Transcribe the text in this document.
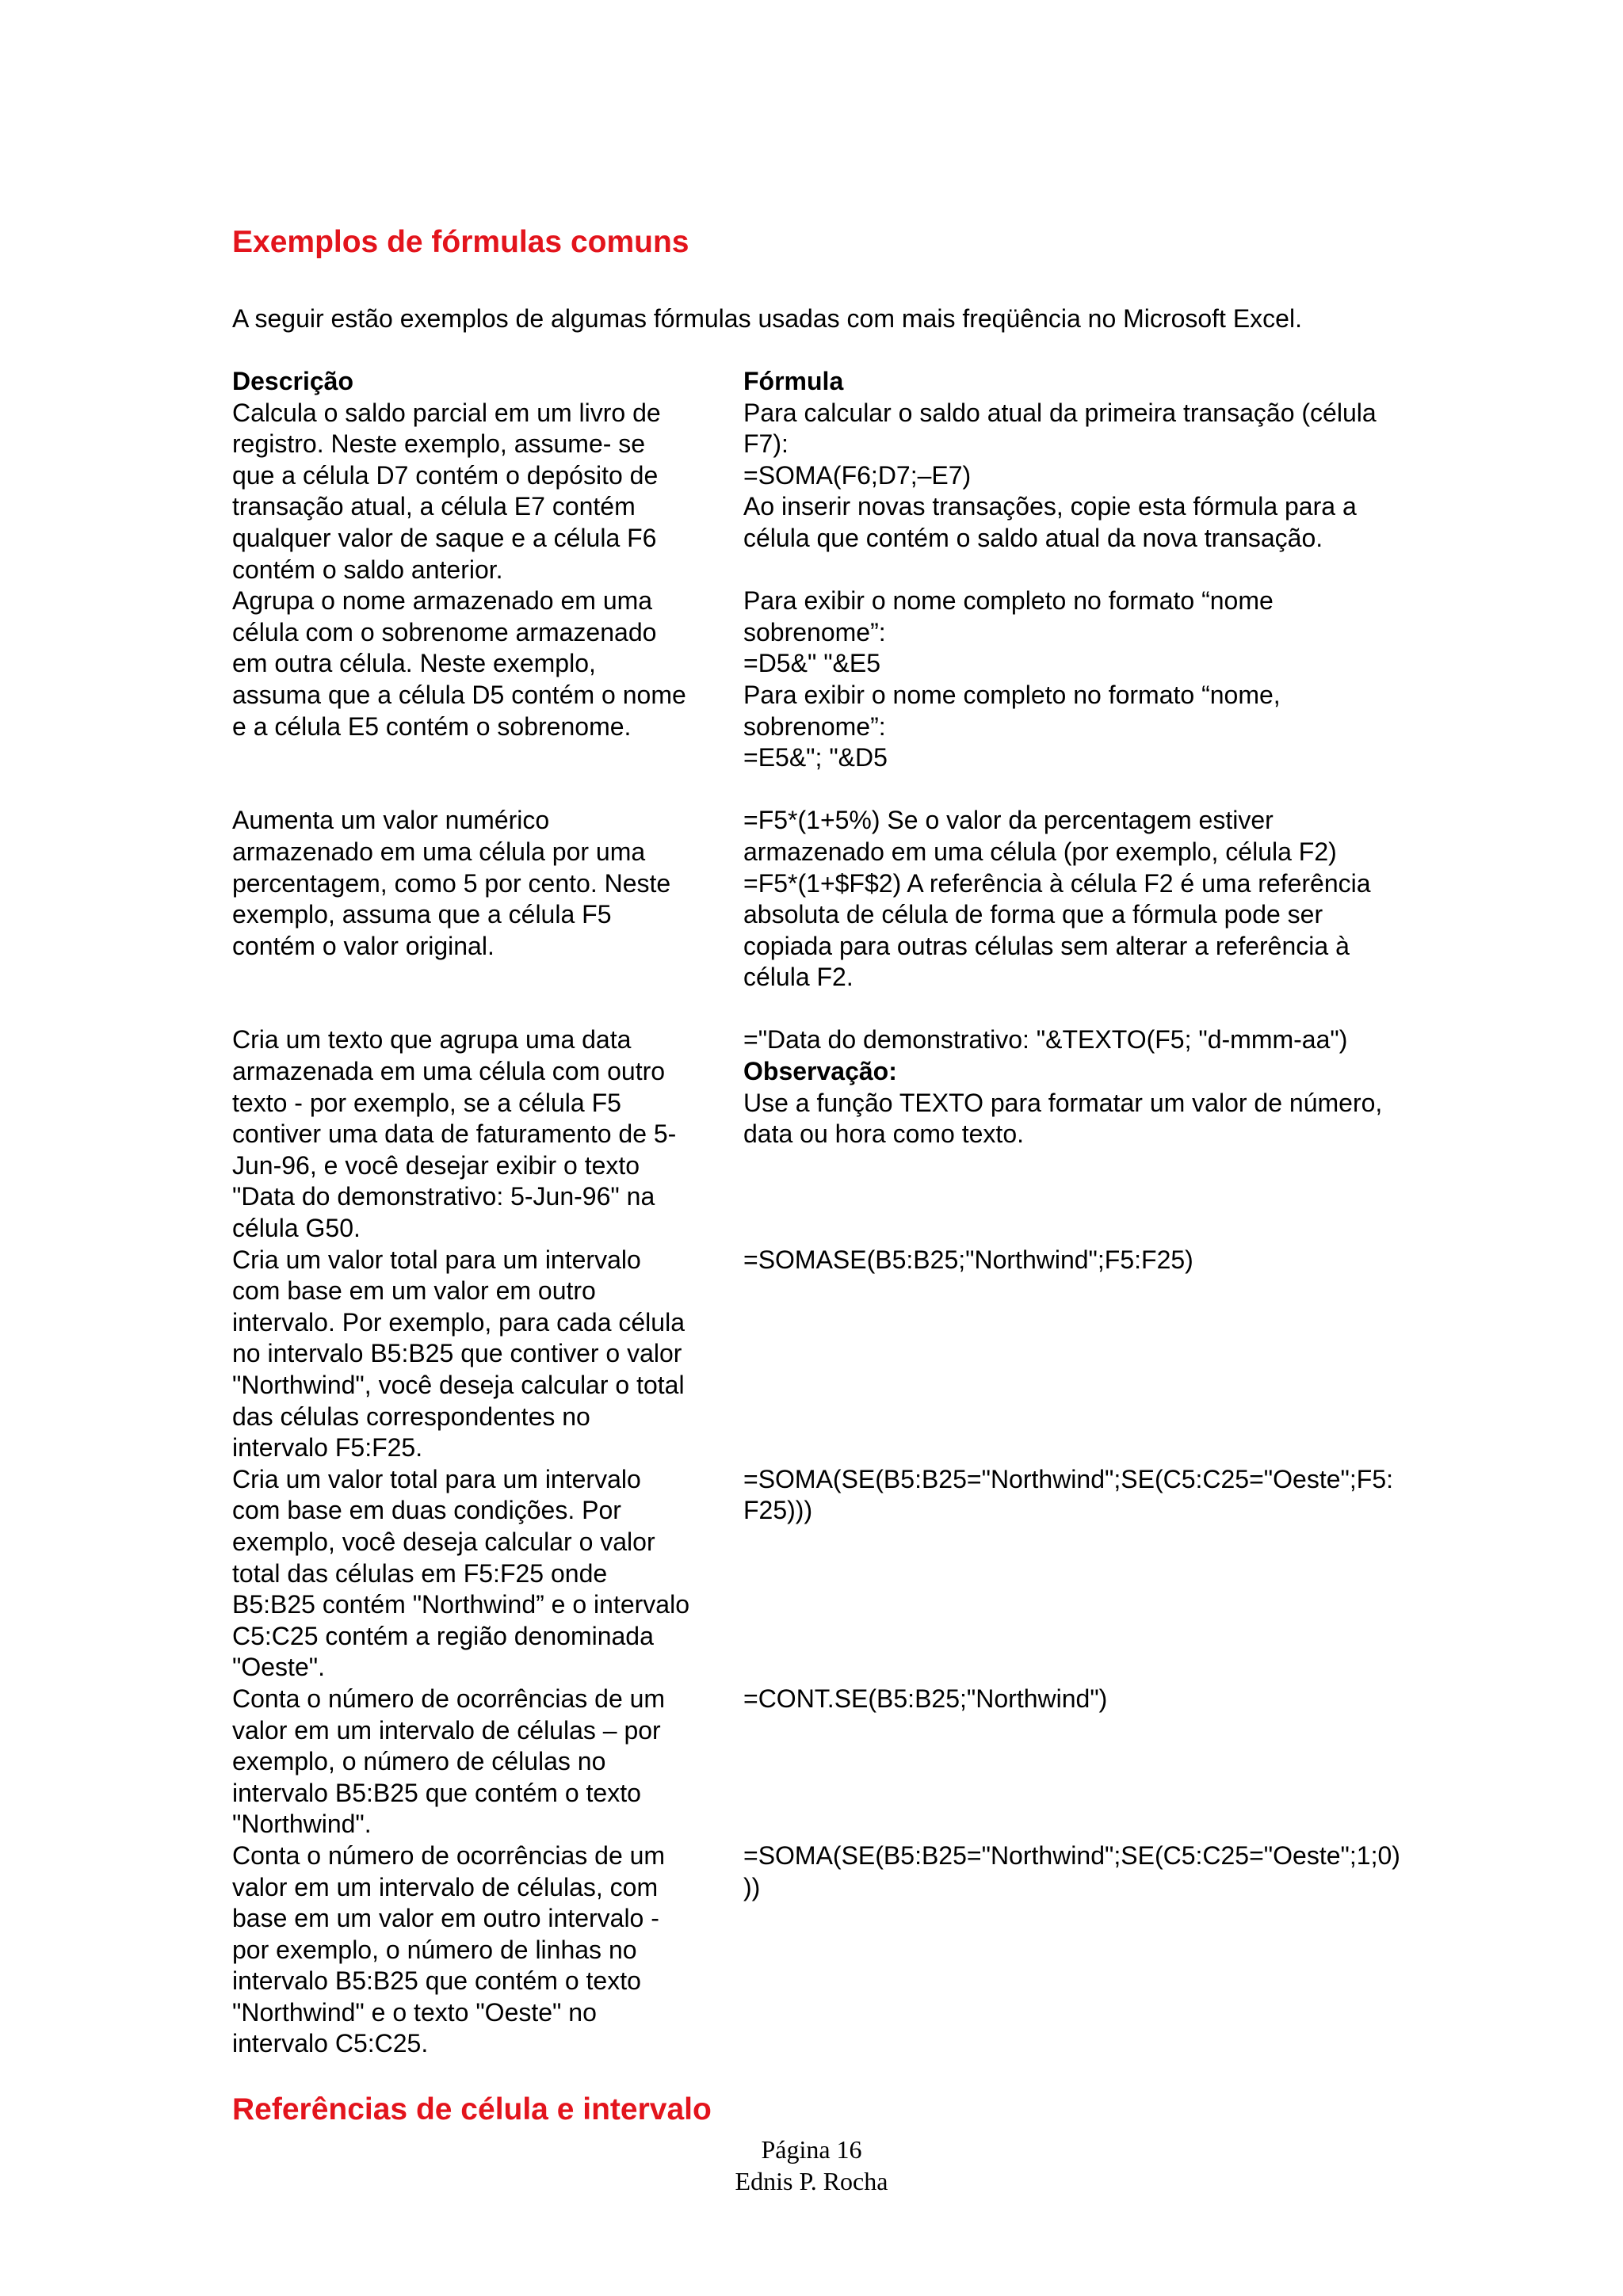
Exemplos de fórmulas comuns

A seguir estão exemplos de algumas fórmulas usadas com mais freqüência no Microsoft Excel.

Descrição	Fórmula
Calcula o saldo parcial em um livro de
registro. Neste exemplo, assume- se
que a célula D7 contém o depósito de
transação atual, a célula E7 contém
qualquer valor de saque e a célula F6
contém o saldo anterior.
Para calcular o saldo atual da primeira transação (célula
F7):
=SOMA(F6;D7;–E7)
Ao inserir novas transações, copie esta fórmula para a
célula que contém o saldo atual da nova transação.
Agrupa o nome armazenado em uma
célula com o sobrenome armazenado
em outra célula. Neste exemplo,
assuma que a célula D5 contém o nome
e a célula E5 contém o sobrenome.
Para exibir o nome completo no formato “nome
sobrenome”:
=D5&" "&E5
Para exibir o nome completo no formato “nome,
sobrenome”:
=E5&"; "&D5
Aumenta um valor numérico
armazenado em uma célula por uma
percentagem, como 5 por cento. Neste
exemplo, assuma que a célula F5
contém o valor original.
=F5*(1+5%) Se o valor da percentagem estiver
armazenado em uma célula (por exemplo, célula F2)
=F5*(1+$F$2) A referência à célula F2 é uma referência
absoluta de célula de forma que a fórmula pode ser
copiada para outras células sem alterar a referência à
célula F2.
Cria um texto que agrupa uma data
armazenada em uma célula com outro
texto - por exemplo, se a célula F5
contiver uma data de faturamento de 5-
Jun-96, e você desejar exibir o texto
"Data do demonstrativo: 5-Jun-96" na
célula G50.
="Data do demonstrativo: "&TEXTO(F5; "d-mmm-aa")
Observação:
Use a função TEXTO para formatar um valor de número,
data ou hora como texto.
Cria um valor total para um intervalo
com base em um valor em outro
intervalo. Por exemplo, para cada célula
no intervalo B5:B25 que contiver o valor
"Northwind", você deseja calcular o total
das células correspondentes no
intervalo F5:F25.
=SOMASE(B5:B25;"Northwind";F5:F25)
Cria um valor total para um intervalo
com base em duas condições. Por
exemplo, você deseja calcular o valor
total das células em F5:F25 onde
B5:B25 contém "Northwind” e o intervalo
C5:C25 contém a região denominada
"Oeste".
=SOMA(SE(B5:B25="Northwind";SE(C5:C25="Oeste";F5:
F25)))
Conta o número de ocorrências de um
valor em um intervalo de células – por
exemplo, o número de células no
intervalo B5:B25 que contém o texto
"Northwind".
=CONT.SE(B5:B25;"Northwind")
Conta o número de ocorrências de um
valor em um intervalo de células, com
base em um valor em outro intervalo -
por exemplo, o número de linhas no
intervalo B5:B25 que contém o texto
"Northwind" e o texto "Oeste" no
intervalo C5:C25.
=SOMA(SE(B5:B25="Northwind";SE(C5:C25="Oeste";1;0)
))
Referências de célula e intervalo
Página 16
Ednis P. Rocha
